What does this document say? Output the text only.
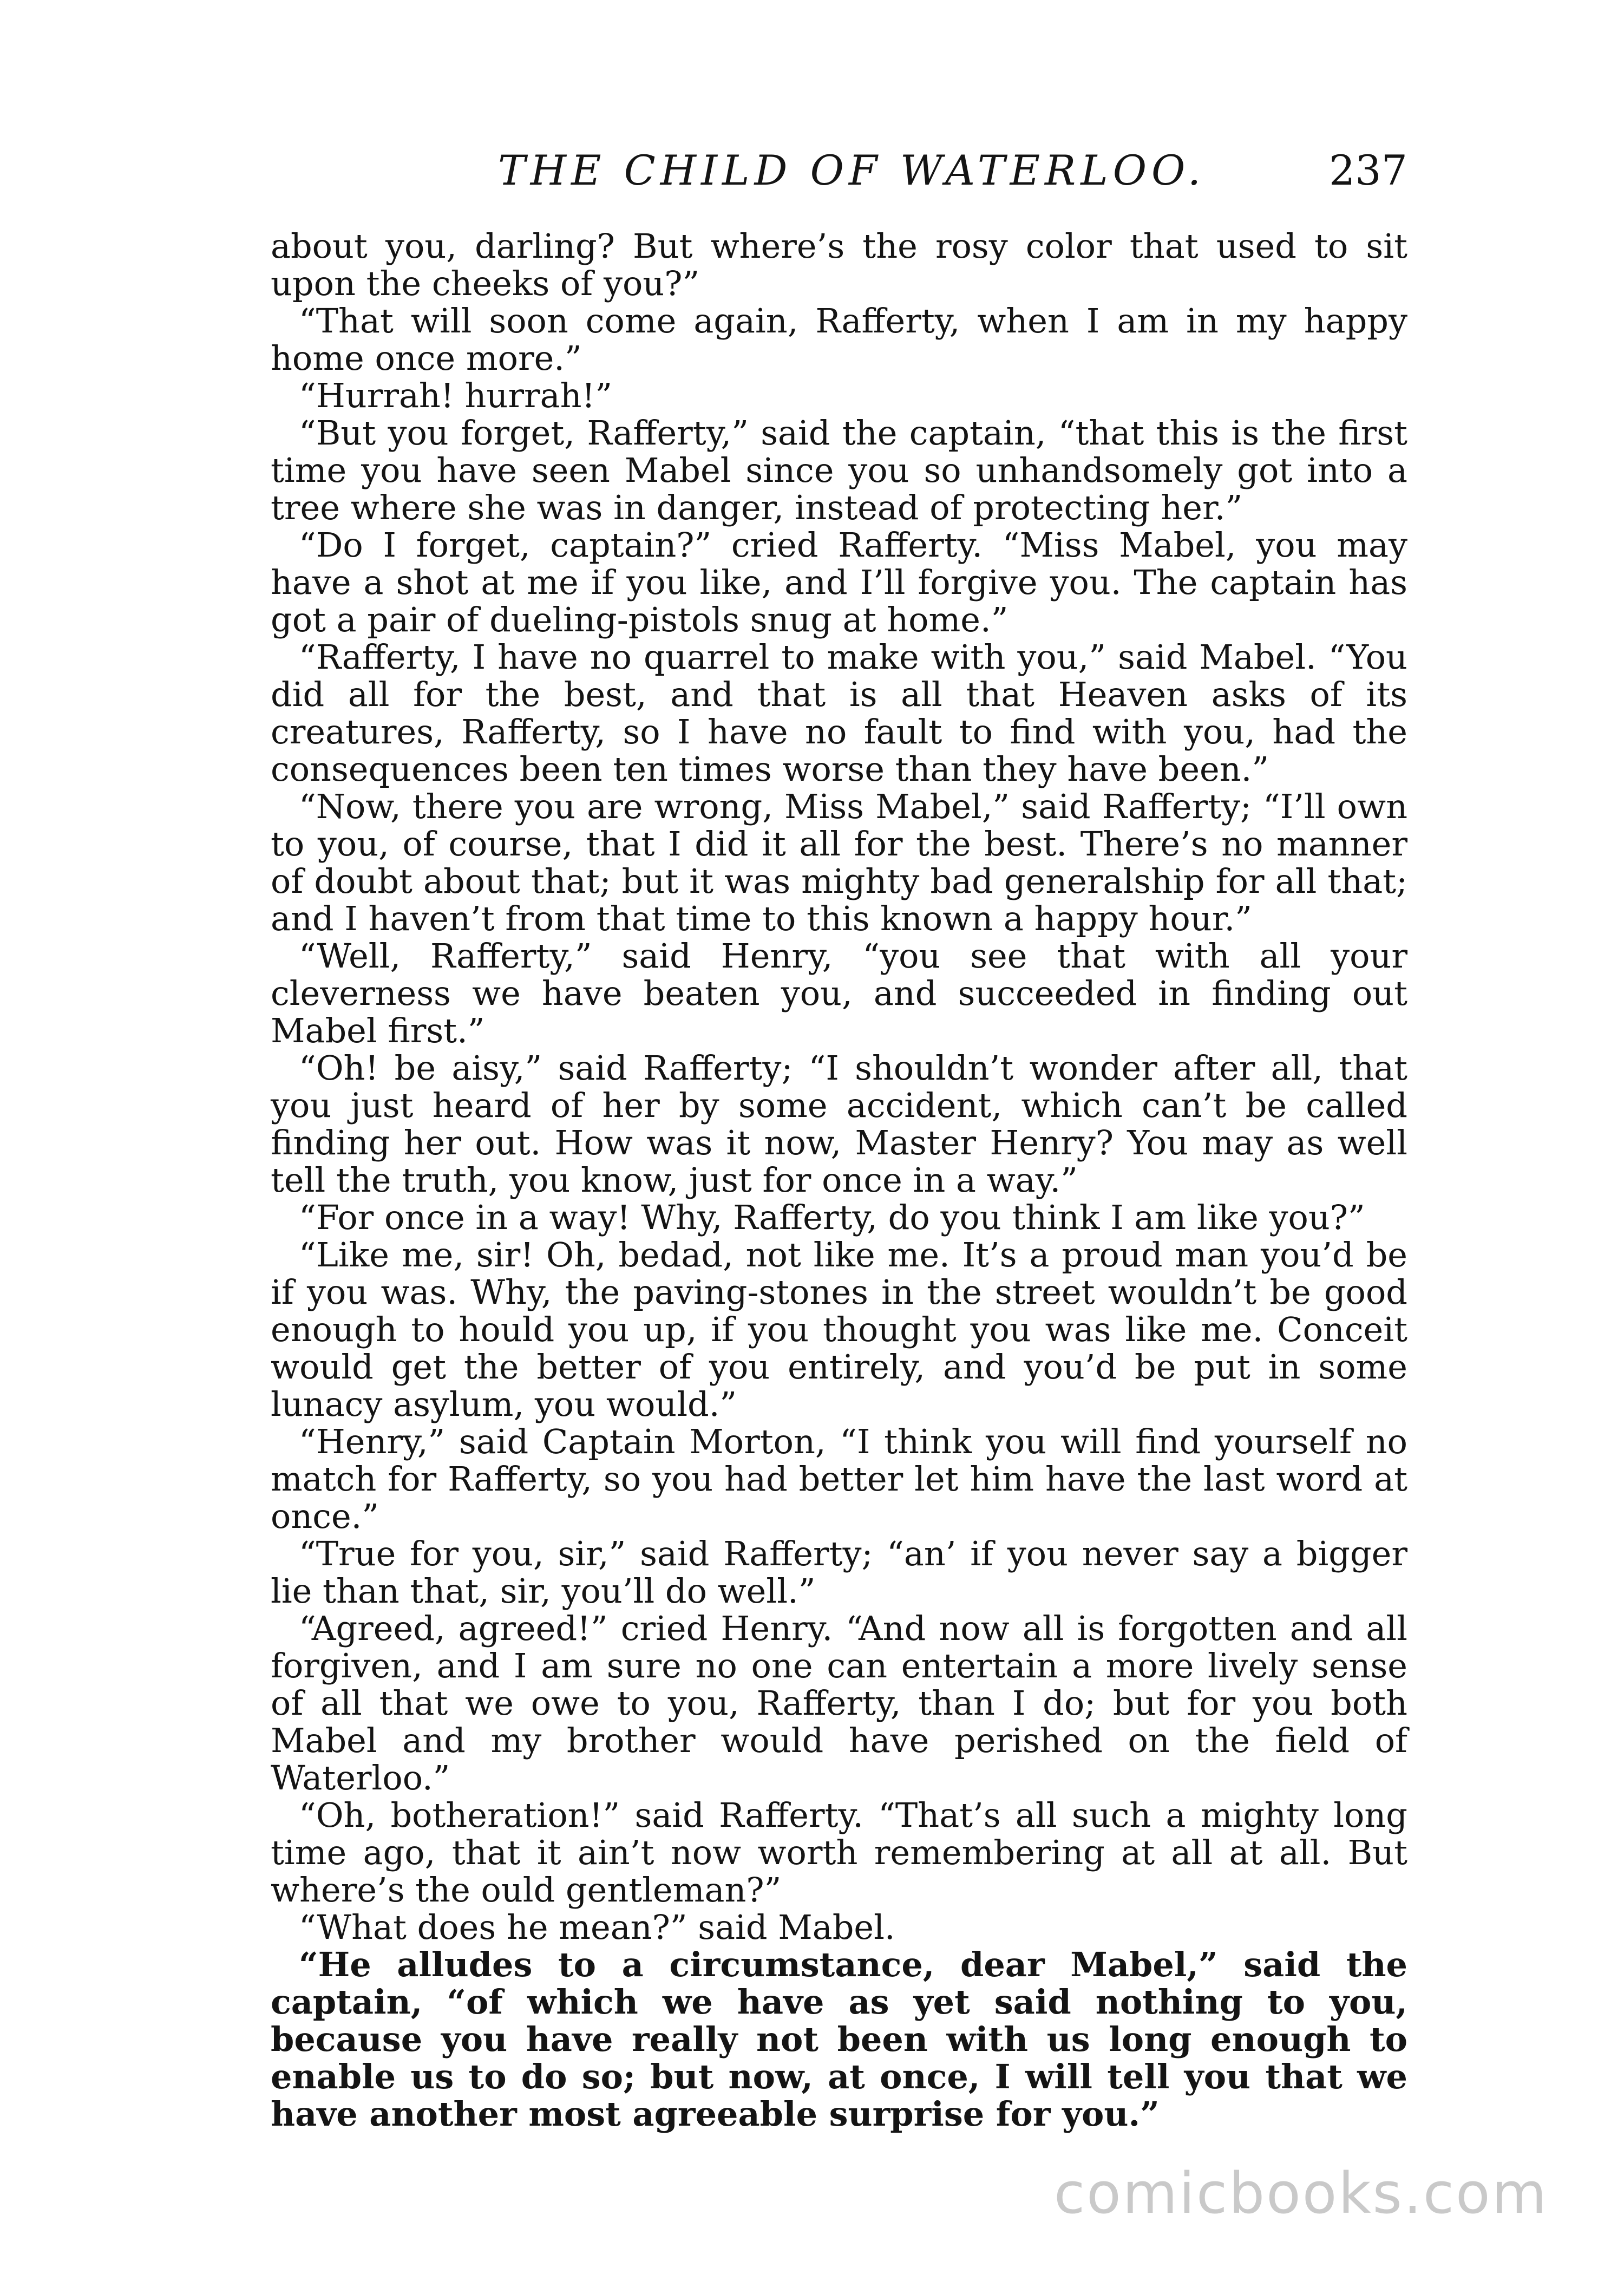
THE CHILD OF WATERLOO.	237

about you, darling? But where’s the rosy color that used to sit upon the cheeks of you?”

“That will soon come again, Rafferty, when I am in my happy home once more.”

“Hurrah! hurrah!”

“But you forget, Rafferty,” said the captain, “that this is the first time you have seen Mabel since you so unhandsomely got into a tree where she was in danger, instead of protecting her.”

“Do I forget, captain?” cried Rafferty. “Miss Mabel, you may have a shot at me if you like, and I’ll forgive you. The captain has got a pair of dueling-pistols snug at home.”

“Rafferty, I have no quarrel to make with you,” said Mabel. “You did all for the best, and that is all that Heaven asks of its creatures, Rafferty, so I have no fault to find with you, had the consequences been ten times worse than they have been.”

“Now, there you are wrong, Miss Mabel,” said Rafferty; “I’ll own to you, of course, that I did it all for the best. There’s no manner of doubt about that; but it was mighty bad generalship for all that; and I haven’t from that time to this known a happy hour.”

“Well, Rafferty,” said Henry, “you see that with all your cleverness we have beaten you, and succeeded in finding out Mabel first.”

“Oh! be aisy,” said Rafferty; “I shouldn’t wonder after all, that you just heard of her by some accident, which can’t be called finding her out. How was it now, Master Henry? You may as well tell the truth, you know, just for once in a way.”

“For once in a way! Why, Rafferty, do you think I am like you?”

“Like me, sir! Oh, bedad, not like me. It’s a proud man you’d be if you was. Why, the paving-stones in the street wouldn’t be good enough to hould you up, if you thought you was like me. Conceit would get the better of you entirely, and you’d be put in some lunacy asylum, you would.”

“Henry,” said Captain Morton, “I think you will find yourself no match for Rafferty, so you had better let him have the last word at once.”

“True for you, sir,” said Rafferty; “an’ if you never say a bigger lie than that, sir, you’ll do well.”

“Agreed, agreed!” cried Henry. “And now all is forgotten and all forgiven, and I am sure no one can entertain a more lively sense of all that we owe to you, Rafferty, than I do; but for you both Mabel and my brother would have perished on the field of Waterloo.”

“Oh, botheration!” said Rafferty. “That’s all such a mighty long time ago, that it ain’t now worth remembering at all at all. But where’s the ould gentleman?”

“What does he mean?” said Mabel.

“He alludes to a circumstance, dear Mabel,” said the captain, “of which we have as yet said nothing to you, because you have really not been with us long enough to enable us to do so; but now, at once, I will tell you that we have another most agreeable surprise for you.”

comicbooks.com
